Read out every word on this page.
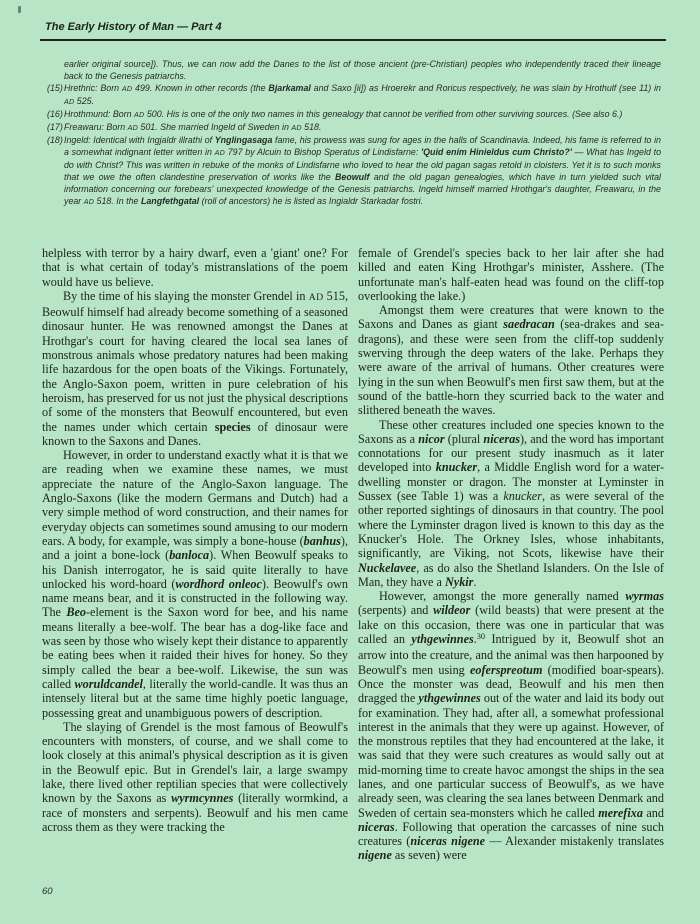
The Early History of Man — Part 4
earlier original source]). Thus, we can now add the Danes to the list of those ancient (pre-Christian) peoples who independently traced their lineage back to the Genesis patriarchs.
(15) Hrethric: Born AD 499. Known in other records (the Bjarkamal and Saxo [ii]) as Hroerekr and Roricus respectively, he was slain by Hrothulf (see 11) in AD 525.
(16) Hrothmund: Born AD 500. His is one of the only two names in this genealogy that cannot be verified from other surviving sources. (See also 6.)
(17) Freawaru: Born AD 501. She married Ingeld of Sweden in AD 518.
(18) Ingeld: Identical with Ingjaldr illrathi of Ynglingasaga fame, his prowess was sung for ages in the halls of Scandinavia. Indeed, his fame is referred to in a somewhat indignant letter written in AD 797 by Alcuin to Bishop Speratus of Lindisfarne: 'Quid enim Hinieldus cum Christo?' — What has Ingeld to do with Christ? This was written in rebuke of the monks of Lindisfarne who loved to hear the old pagan sagas retold in cloisters. Yet it is to such monks that we owe the often clandestine preservation of works like the Beowulf and the old pagan genealogies, which have in turn yielded such vital information concerning our forebears' unexpected knowledge of the Genesis patriarchs. Ingeld himself married Hrothgar's daughter, Freawaru, in the year AD 518. In the Langfethgatal (roll of ancestors) he is listed as Ingialdr Starkadar fostri.

helpless with terror by a hairy dwarf, even a 'giant' one? For that is what certain of today's mistranslations of the poem would have us believe.

By the time of his slaying the monster Grendel in AD 515, Beowulf himself had already become something of a seasoned dinosaur hunter. He was renowned amongst the Danes at Hrothgar's court for having cleared the local sea lanes of monstrous animals whose predatory natures had been making life hazardous for the open boats of the Vikings. Fortunately, the Anglo-Saxon poem, written in pure celebration of his heroism, has preserved for us not just the physical descriptions of some of the monsters that Beowulf encountered, but even the names under which certain species of dinosaur were known to the Saxons and Danes.

However, in order to understand exactly what it is that we are reading when we examine these names, we must appreciate the nature of the Anglo-Saxon language. The Anglo-Saxons (like the modern Germans and Dutch) had a very simple method of word construction, and their names for everyday objects can sometimes sound amusing to our modern ears. A body, for example, was simply a bone-house (banhus), and a joint a bone-lock (banloca). When Beowulf speaks to his Danish interrogator, he is said quite literally to have unlocked his word-hoard (wordhord onleoc). Beowulf's own name means bear, and it is constructed in the following way. The Beo-element is the Saxon word for bee, and his name means literally a bee-wolf. The bear has a dog-like face and was seen by those who wisely kept their distance to apparently be eating bees when it raided their hives for honey. So they simply called the bear a bee-wolf. Likewise, the sun was called woruldcandel, literally the world-candle. It was thus an intensely literal but at the same time highly poetic language, possessing great and unambiguous powers of description.

The slaying of Grendel is the most famous of Beowulf's encounters with monsters, of course, and we shall come to look closely at this animal's physical description as it is given in the Beowulf epic. But in Grendel's lair, a large swampy lake, there lived other reptilian species that were collectively known by the Saxons as wyrmcynnes (literally wormkind, a race of monsters and serpents). Beowulf and his men came across them as they were tracking the

female of Grendel's species back to her lair after she had killed and eaten King Hrothgar's minister, Asshere. (The unfortunate man's half-eaten head was found on the cliff-top overlooking the lake.)

Amongst them were creatures that were known to the Saxons and Danes as giant saedracan (sea-drakes and sea-dragons), and these were seen from the cliff-top suddenly swerving through the deep waters of the lake. Perhaps they were aware of the arrival of humans. Other creatures were lying in the sun when Beowulf's men first saw them, but at the sound of the battle-horn they scurried back to the water and slithered beneath the waves.

These other creatures included one species known to the Saxons as a nicor (plural niceras), and the word has important connotations for our present study inasmuch as it later developed into knucker, a Middle English word for a water-dwelling monster or dragon. The monster at Lyminster in Sussex (see Table 1) was a knucker, as were several of the other reported sightings of dinosaurs in that country. The pool where the Lyminster dragon lived is known to this day as the Knucker's Hole. The Orkney Isles, whose inhabitants, significantly, are Viking, not Scots, likewise have their Nuckelavee, as do also the Shetland Islanders. On the Isle of Man, they have a Nykir.

However, amongst the more generally named wyrmas (serpents) and wildeor (wild beasts) that were present at the lake on this occasion, there was one in particular that was called an ythgewinnes.$^{30}$ Intrigued by it, Beowulf shot an arrow into the creature, and the animal was then harpooned by Beowulf's men using eoferspreotum (modified boar-spears). Once the monster was dead, Beowulf and his men then dragged the ythgewinnes out of the water and laid its body out for examination. They had, after all, a somewhat professional interest in the animals that they were up against. However, of the monstrous reptiles that they had encountered at the lake, it was said that they were such creatures as would sally out at mid-morning time to create havoc amongst the ships in the sea lanes, and one particular success of Beowulf's, as we have already seen, was clearing the sea lanes between Denmark and Sweden of certain sea-monsters which he called merefixa and niceras. Following that operation the carcasses of nine such creatures (niceras nigene — Alexander mistakenly translates nigene as seven) were

60
